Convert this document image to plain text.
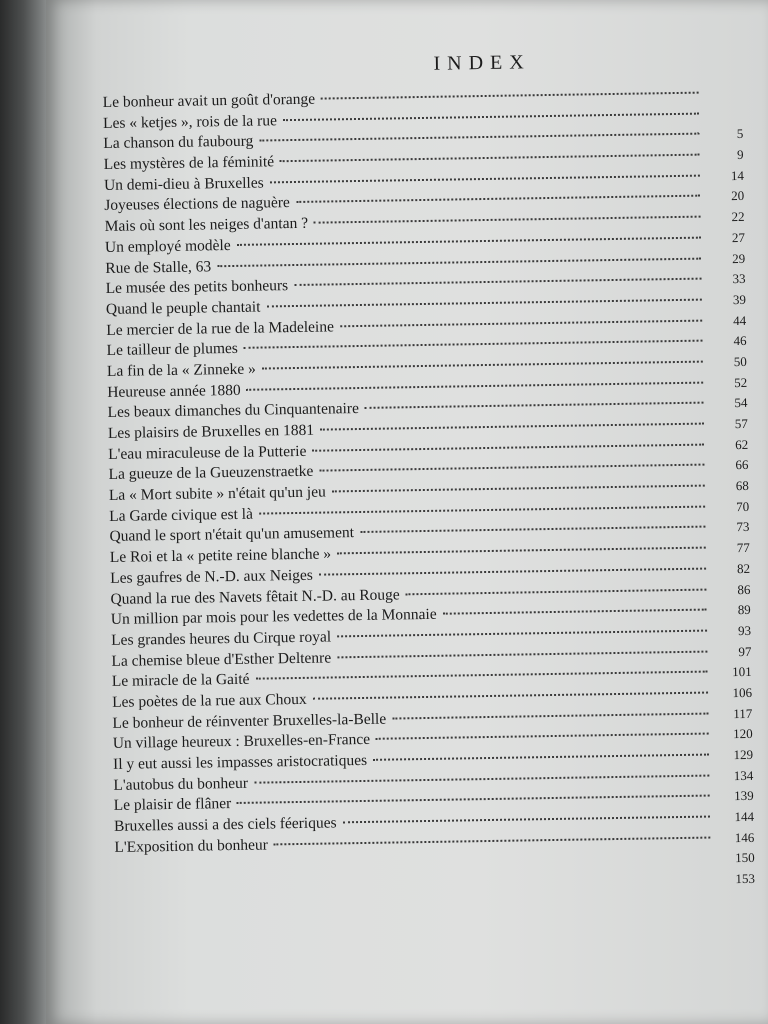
INDEX
Le bonheur avait un goût d'orange
Les « ketjes », rois de la rue
La chanson du faubourg	5
Les mystères de la féminité	9
Un demi-dieu à Bruxelles	14
Joyeuses élections de naguère	20
Mais où sont les neiges d'antan ?	22
Un employé modèle	27
Rue de Stalle, 63	29
Le musée des petits bonheurs	33
Quand le peuple chantait	39
Le mercier de la rue de la Madeleine	44
Le tailleur de plumes	46
La fin de la « Zinneke »	50
Heureuse année 1880	52
Les beaux dimanches du Cinquantenaire	54
Les plaisirs de Bruxelles en 1881	57
L'eau miraculeuse de la Putterie	62
La gueuze de la Gueuzenstraetke	66
La « Mort subite » n'était qu'un jeu	68
La Garde civique est là	70
Quand le sport n'était qu'un amusement	73
Le Roi et la « petite reine blanche »	77
Les gaufres de N.-D. aux Neiges	82
Quand la rue des Navets fêtait N.-D. au Rouge	86
Un million par mois pour les vedettes de la Monnaie	89
Les grandes heures du Cirque royal	93
La chemise bleue d'Esther Deltenre	97
Le miracle de la Gaité	101
Les poètes de la rue aux Choux	106
Le bonheur de réinventer Bruxelles-la-Belle	117
Un village heureux : Bruxelles-en-France	120
Il y eut aussi les impasses aristocratiques	129
L'autobus du bonheur	134
Le plaisir de flâner	139
Bruxelles aussi a des ciels féeriques	144
L'Exposition du bonheur	146
150
153
